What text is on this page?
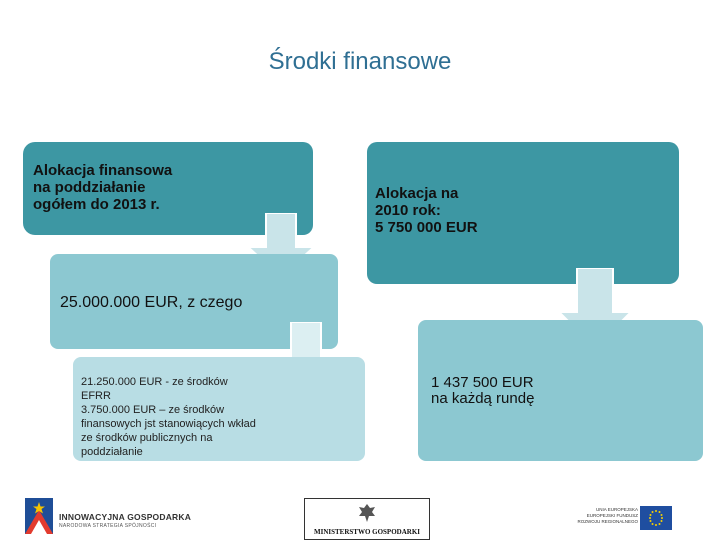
Środki finansowe
Alokacja finansowa
na poddziałanie
ogółem do 2013 r.
25.000.000 EUR, z czego
21.250.000 EUR - ze środków
EFRR
3.750.000 EUR – ze środków
finansowych jst stanowiących wkład
ze środków publicznych na
poddziałanie
Alokacja na
2010 rok:
5 750 000 EUR
1 437 500 EUR
na każdą rundę
INNOWACYJNA GOSPODARKA
NARODOWA STRATEGIA SPÓJNOŚCI
MINISTERSTWO GOSPODARKI
UNIA EUROPEJSKA
EUROPEJSKI FUNDUSZ
ROZWOJU REGIONALNEGO
